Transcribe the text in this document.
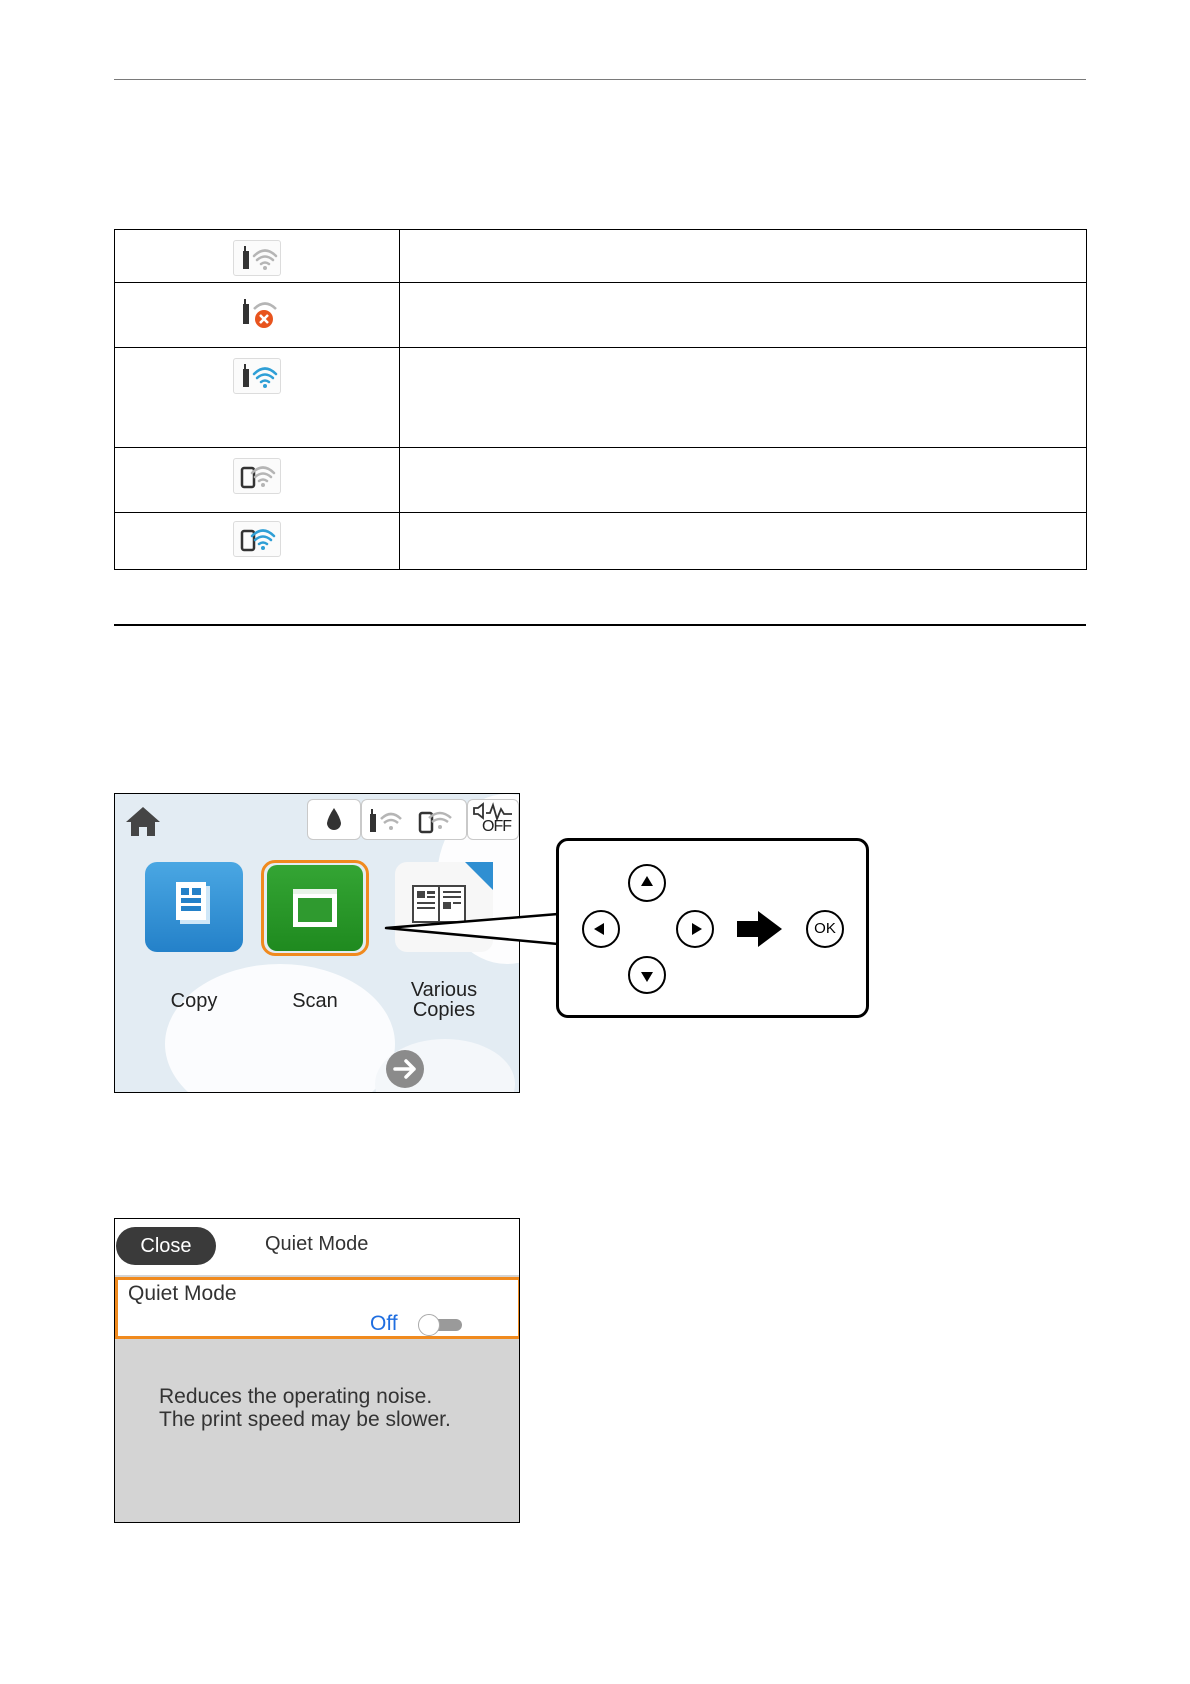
OFF
Copy	Scan	Various
Copies
OK
Close	Quiet Mode
Quiet Mode
Off
Reduces the operating noise.
The print speed may be slower.
